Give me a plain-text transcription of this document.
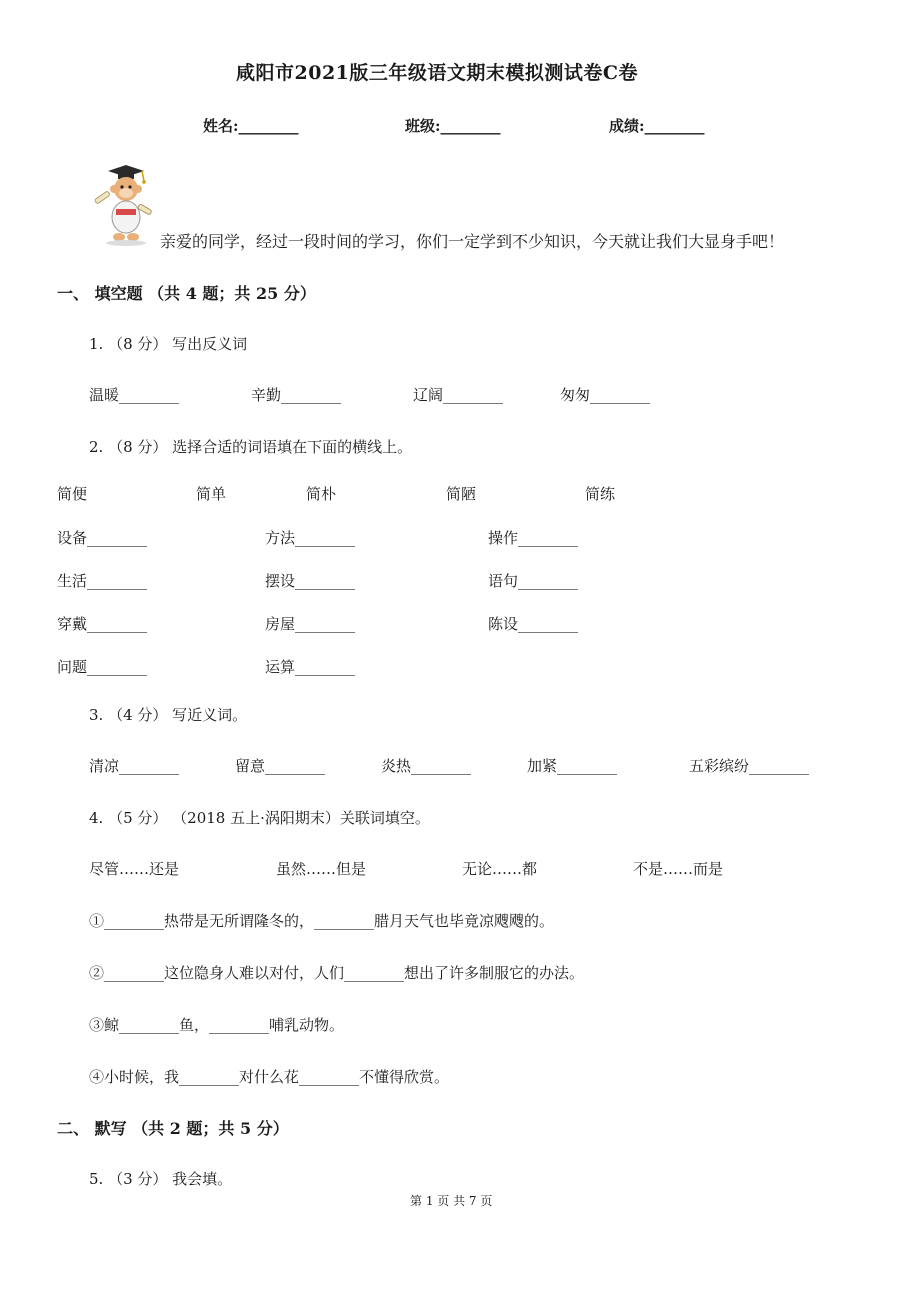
咸阳市2021版三年级语文期末模拟测试卷C卷
姓名:________	班级:________	成绩:________
亲爱的同学，经过一段时间的学习，你们一定学到不少知识，今天就让我们大显身手吧！
一、 填空题 （共 4 题；共 25 分）
1. （8 分） 写出反义词
温暖________	辛勤________	辽阔________	匆匆________
2. （8 分） 选择合适的词语填在下面的横线上。
简便	简单	简朴	简陋	简练
设备________	方法________	操作________
生活________	摆设________	语句________
穿戴________	房屋________	陈设________
问题________	运算________
3. （4 分） 写近义词。
清凉________	留意________	炎热________	加紧________	五彩缤纷________
4. （5 分） （2018 五上·涡阳期末）关联词填空。
尽管……还是	虽然……但是	无论……都	不是……而是
①________热带是无所谓隆冬的，________腊月天气也毕竟凉飕飕的。
②________这位隐身人难以对付，人们________想出了许多制服它的办法。
③鲸________鱼，________哺乳动物。
④小时候，我________对什么花________不懂得欣赏。
二、 默写 （共 2 题；共 5 分）
5. （3 分） 我会填。
第 1 页 共 7 页
